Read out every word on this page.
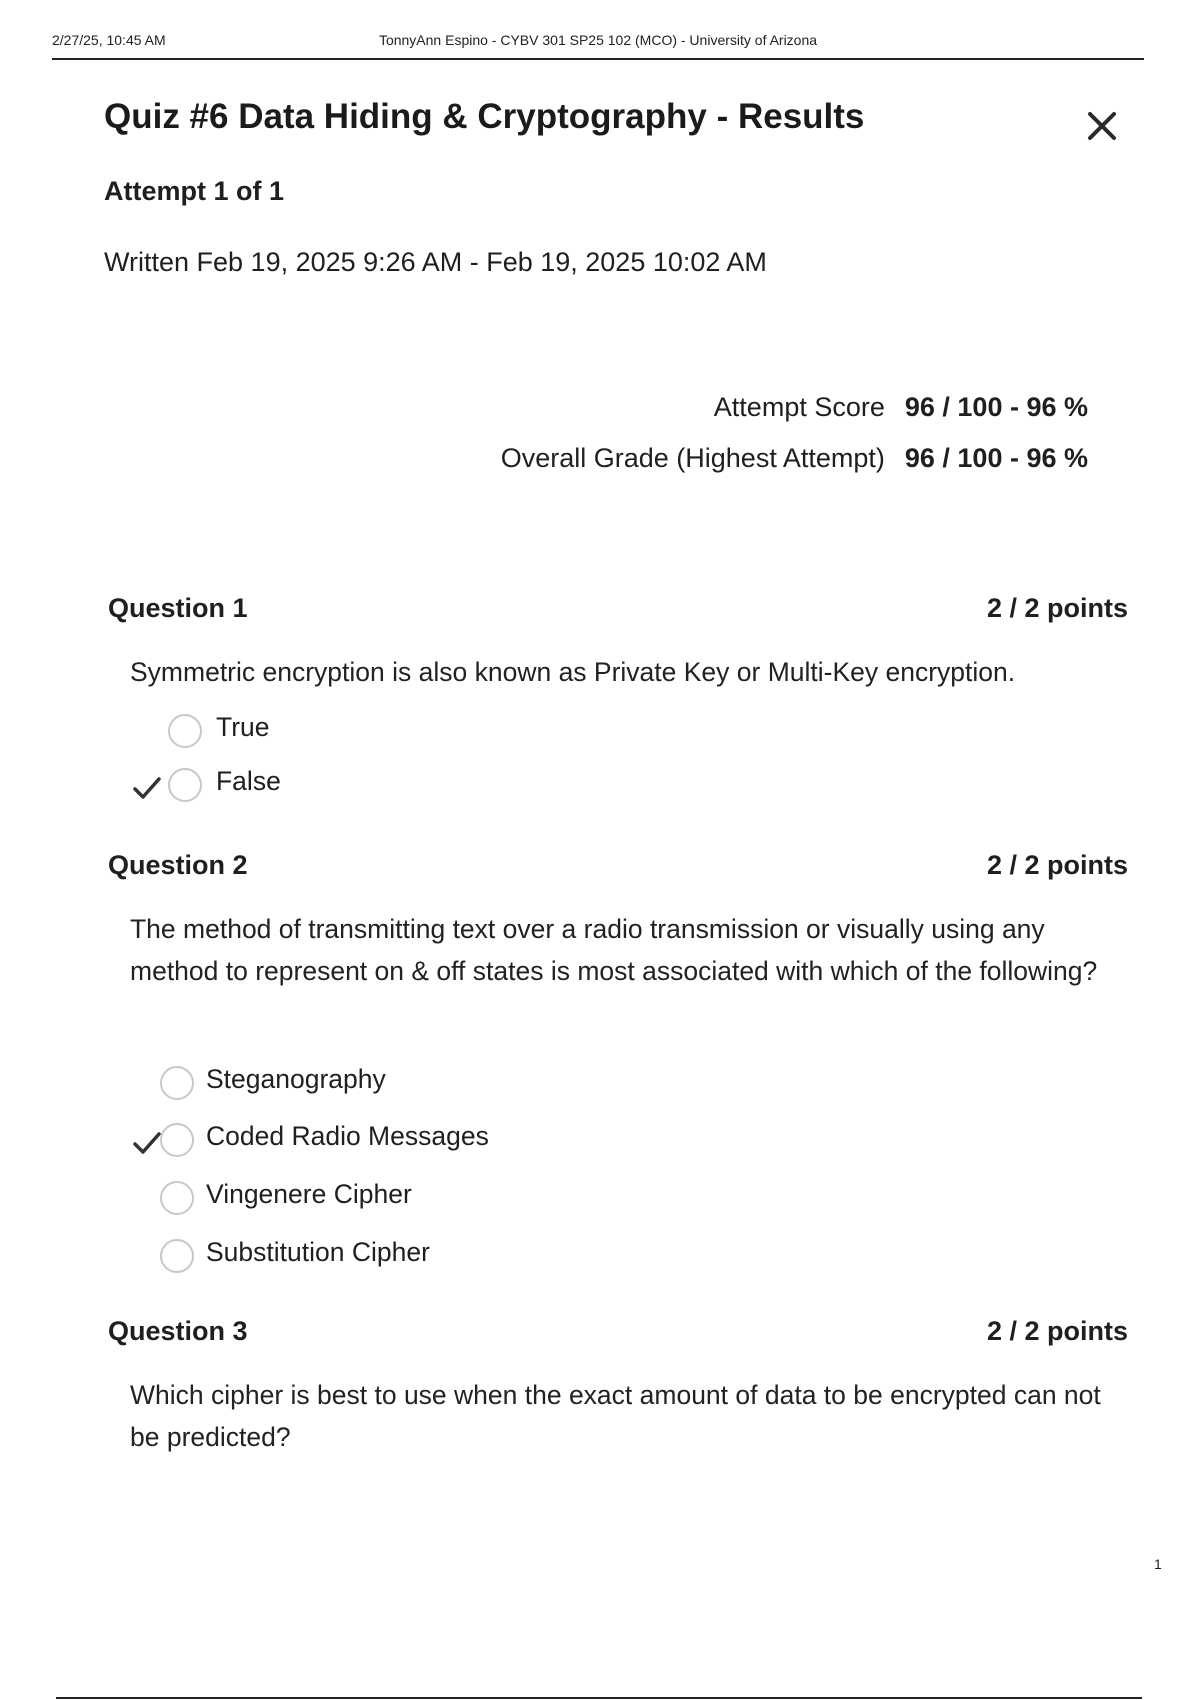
2/27/25, 10:45 AM	TonnyAnn Espino - CYBV 301 SP25 102 (MCO) - University of Arizona
Quiz #6 Data Hiding & Cryptography - Results
Attempt 1 of 1
Written Feb 19, 2025 9:26 AM - Feb 19, 2025 10:02 AM
Attempt Score 96 / 100 - 96 %
Overall Grade (Highest Attempt) 96 / 100 - 96 %
Question 1	2 / 2 points
Symmetric encryption is also known as Private Key or Multi-Key encryption.
True
False
Question 2	2 / 2 points
The method of transmitting text over a radio transmission or visually using any method to represent on & off states is most associated with which of the following?
Steganography
Coded Radio Messages
Vingenere Cipher
Substitution Cipher
Question 3	2 / 2 points
Which cipher is best to use when the exact amount of data to be encrypted can not be predicted?
1
